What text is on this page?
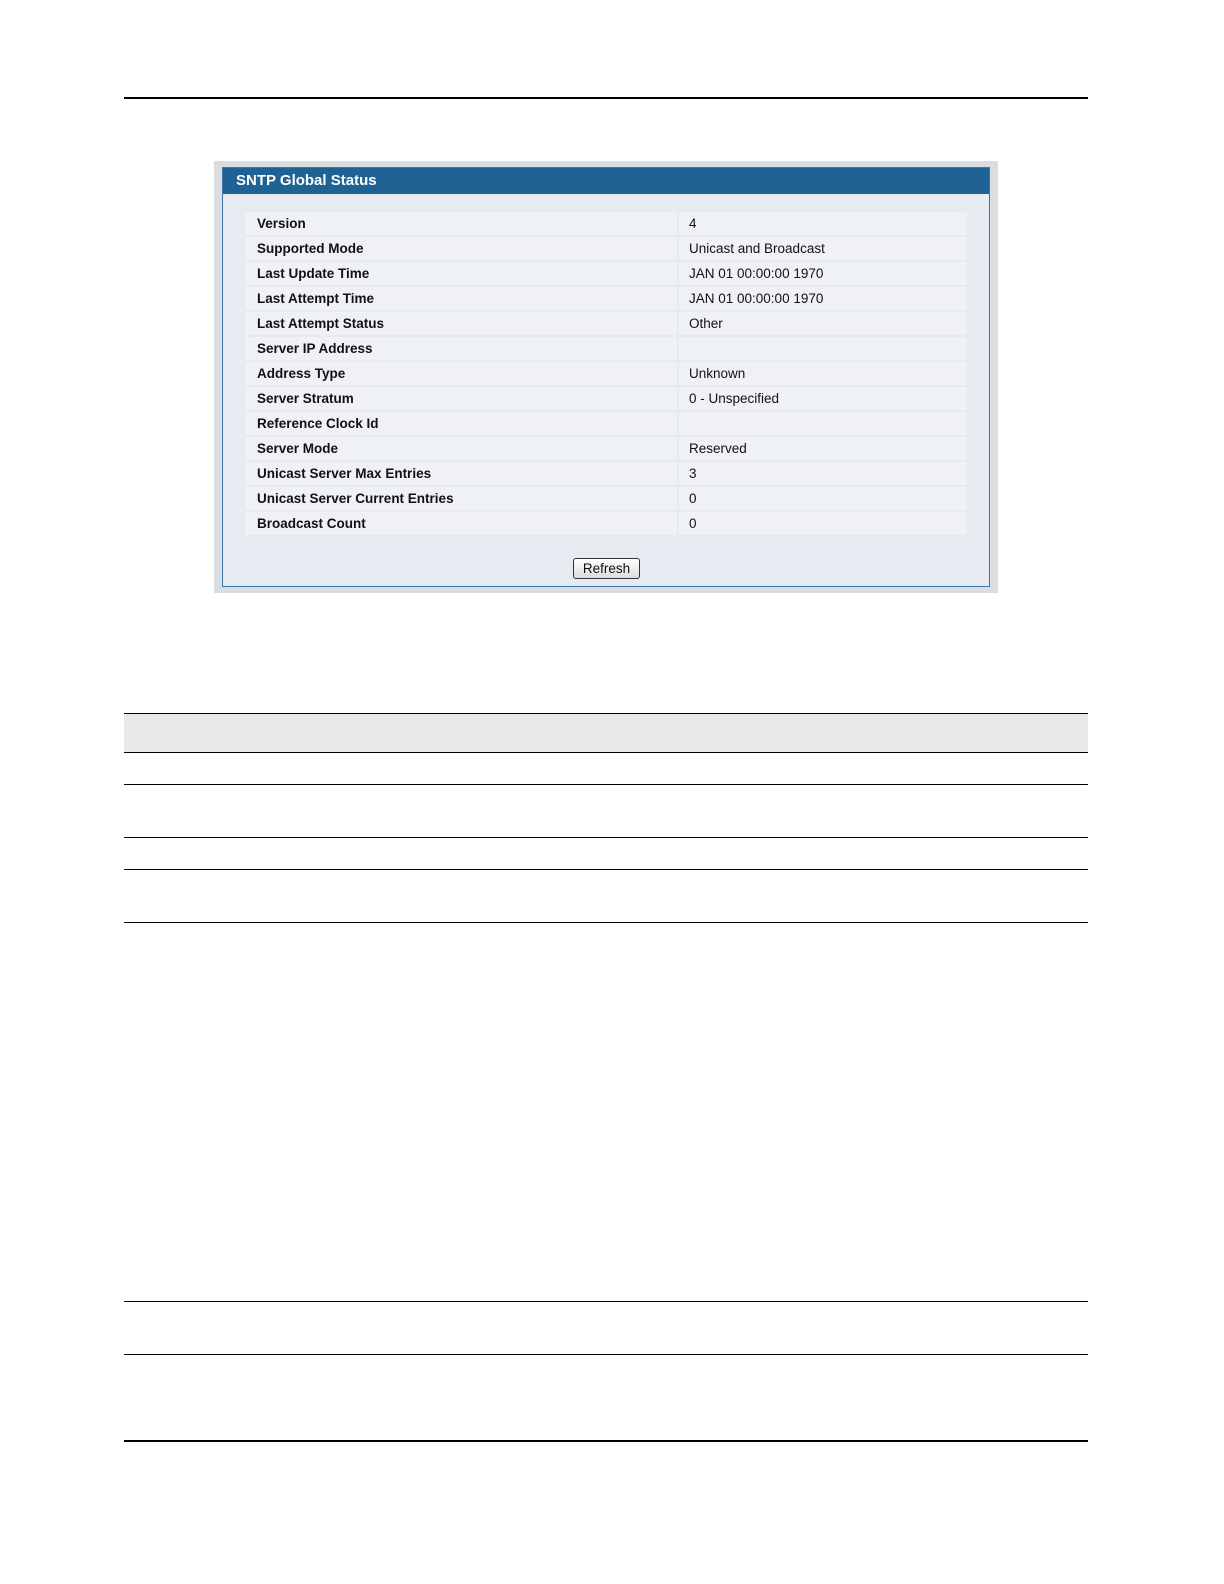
SNTP Global Status
Version	4
Supported Mode	Unicast and Broadcast
Last Update Time	JAN 01 00:00:00 1970
Last Attempt Time	JAN 01 00:00:00 1970
Last Attempt Status	Other
Server IP Address	
Address Type	Unknown
Server Stratum	0 - Unspecified
Reference Clock Id	
Server Mode	Reserved
Unicast Server Max Entries	3
Unicast Server Current Entries	0
Broadcast Count	0
Refresh
